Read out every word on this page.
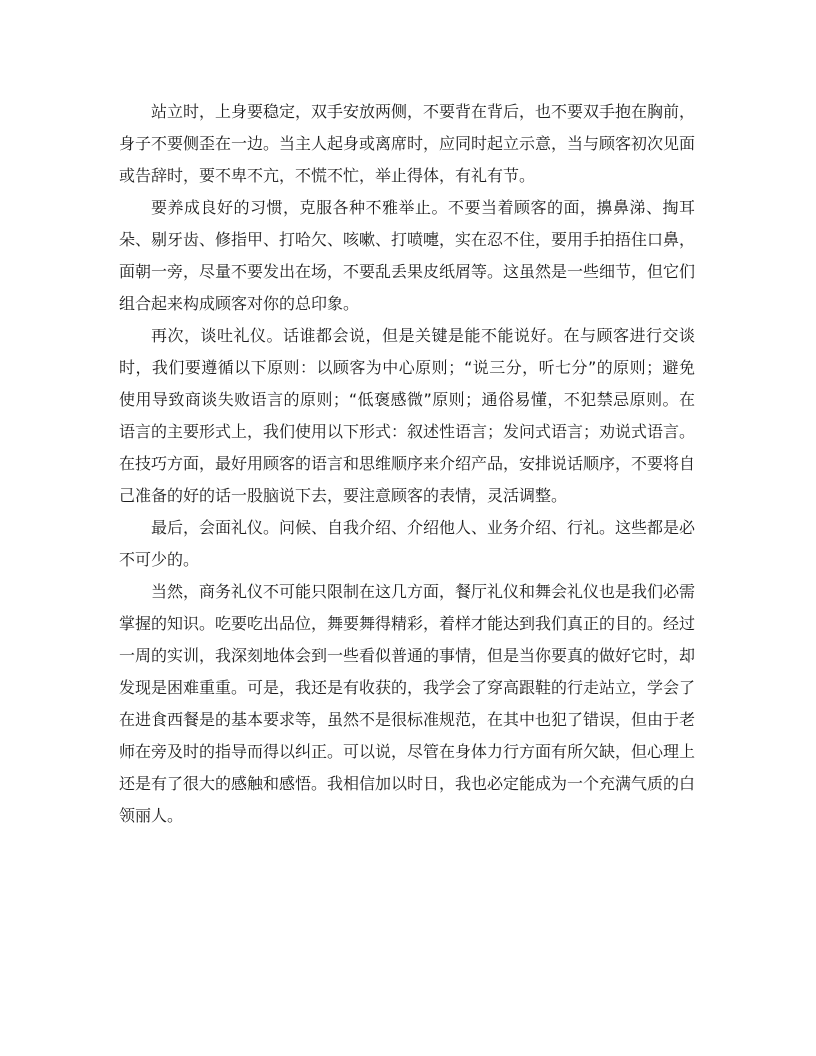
站立时，上身要稳定，双手安放两侧，不要背在背后，也不要双手抱在胸前，身子不要侧歪在一边。当主人起身或离席时，应同时起立示意，当与顾客初次见面或告辞时，要不卑不亢，不慌不忙，举止得体，有礼有节。

要养成良好的习惯，克服各种不雅举止。不要当着顾客的面，擤鼻涕、掏耳朵、剔牙齿、修指甲、打哈欠、咳嗽、打喷嚏，实在忍不住，要用手拍捂住口鼻，面朝一旁，尽量不要发出在场，不要乱丢果皮纸屑等。这虽然是一些细节，但它们组合起来构成顾客对你的总印象。

再次，谈吐礼仪。话谁都会说，但是关键是能不能说好。在与顾客进行交谈时，我们要遵循以下原则：以顾客为中心原则；“说三分，听七分”的原则；避免使用导致商谈失败语言的原则；“低褒感微”原则；通俗易懂，不犯禁忌原则。在语言的主要形式上，我们使用以下形式：叙述性语言；发问式语言；劝说式语言。在技巧方面，最好用顾客的语言和思维顺序来介绍产品，安排说话顺序，不要将自己准备的好的话一股脑说下去，要注意顾客的表情，灵活调整。

最后，会面礼仪。问候、自我介绍、介绍他人、业务介绍、行礼。这些都是必不可少的。

当然，商务礼仪不可能只限制在这几方面，餐厅礼仪和舞会礼仪也是我们必需掌握的知识。吃要吃出品位，舞要舞得精彩，着样才能达到我们真正的目的。经过一周的实训，我深刻地体会到一些看似普通的事情，但是当你要真的做好它时，却发现是困难重重。可是，我还是有收获的，我学会了穿高跟鞋的行走站立，学会了在进食西餐是的基本要求等，虽然不是很标准规范，在其中也犯了错误，但由于老师在旁及时的指导而得以纠正。可以说，尽管在身体力行方面有所欠缺，但心理上还是有了很大的感触和感悟。我相信加以时日，我也必定能成为一个充满气质的白领丽人。
